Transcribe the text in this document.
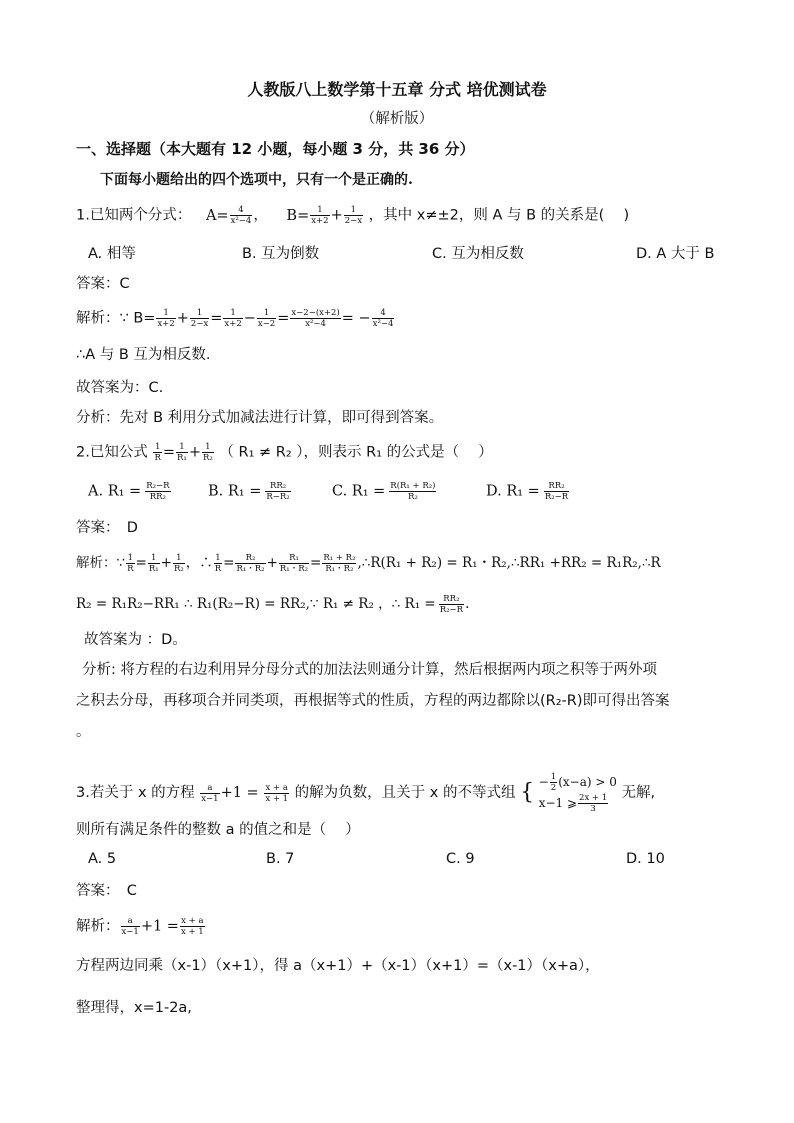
人教版八上数学第十五章 分式 培优测试卷
（解析版）
一、选择题（本大题有 12 小题，每小题 3 分，共 36 分）
下面每小题给出的四个选项中，只有一个是正确的.
1.已知两个分式： $A= \frac{4}{\text{x²−4}}$ ， $B= \frac{1}{x+2} + \frac{1}{2-x}$ ，其中 x≠±2，则 A 与 B 的关系是(　 )
A. 相等	B. 互为倒数	C. 互为相反数	D. A 大于 B
答案：C
解析：∵ $B= \frac{1}{x+2} + \frac{1}{2-x} = \frac{1}{x+2} - \frac{1}{x-2} = \frac{x-2-(x+2)}{\text{x²−4}}$ = − $\frac{4}{\text{x²−4}}$
∴A 与 B 互为相反数.
故答案为：C.
分析：先对 B 利用分式加减法进行计算，即可得到答案。
2.已知公式 $\frac{1}{R} = \frac{1}{\text{R₁}} + \frac{1}{\text{R₂}}$ （ R₁ ≠ R₂ ），则表示 R₁ 的公式是（　 ）
A. $R_1 = \frac{\text{R₂−R}}{\text{RR₂}}$	B. $R_1 = \frac{\text{RR₂}}{\text{R−R₂}}$	C. $R_1 = \frac{\text{R(R₁ + R₂)}}{\text{R₂}}$	D. $R_1 = \frac{\text{RR₂}}{\text{R₂−R}}$
答案：　D
解析：∵ $\frac{1}{R} = \frac{1}{\text{R₁}} + \frac{1}{\text{R₂}}$ ，∴ $\frac{1}{R} = \frac{\text{R₂}}{\text{R₁・R₂}} + \frac{\text{R₁}}{\text{R₁・R₂}} = \frac{\text{R₁ + R₂}}{\text{R₁・R₂}}$ ,∴R(R₁ + R₂) = R₁・R₂,∴RR₁ +RR₂ = R₁R₂,∴R
R₂ = R₁R₂−RR₁ ∴ R₁(R₂−R) = RR₂,∵ R₁ ≠ R₂ ，∴ $R_1 = \frac{\text{RR₂}}{\text{R₂−R}}$ .
故答案为 ：D。
分析: 将方程的右边利用异分母分式的加法法则通分计算，然后根据两内项之积等于两外项
之积去分母，再移项合并同类项，再根据等式的性质，方程的两边都除以(R₂-R)即可得出答案
。
3.若关于 x 的方程 $\frac{a}{x-1} +1 = \frac{x + a}{x + 1}$ 的解为负数，且关于 x 的不等式组 { − $\frac{1}{2} (x-a) > 0$
x−1 ⩾ $\frac{2x + 1}{3}$ 无解,
则所有满足条件的整数 a 的值之和是（　 ）
A. 5	B. 7	C. 9	D. 10
答案：　C
解析： $\frac{a}{x-1} +1 = \frac{x + a}{x + 1}$
方程两边同乘（x-1）（x+1），得 a（x+1）+（x-1）（x+1）=（x-1）（x+a），
整理得，x=1-2a,
